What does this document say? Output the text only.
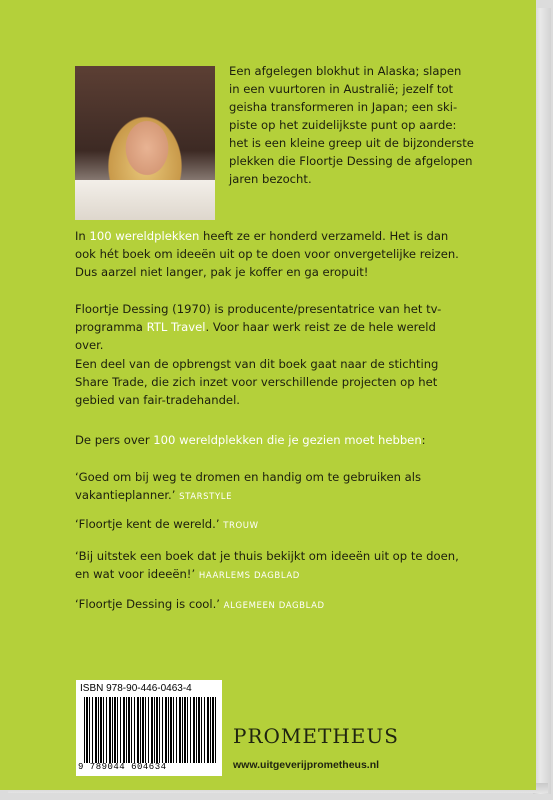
Een afgelegen blokhut in Alaska; slapen

in een vuurtoren in Australië; jezelf tot

geisha transformeren in Japan; een ski-

piste op het zuidelijkste punt op aarde:

het is een kleine greep uit de bijzonderste

plekken die Floortje Dessing de afgelopen

jaren bezocht.

In 100 wereldplekken heeft ze er honderd verzameld. Het is dan

ook hét boek om ideeën uit op te doen voor onvergetelijke reizen.

Dus aarzel niet langer, pak je koffer en ga eropuit!

Floortje Dessing (1970) is producente/presentatrice van het tv-

programma RTL Travel. Voor haar werk reist ze de hele wereld

over.

Een deel van de opbrengst van dit boek gaat naar de stichting

Share Trade, die zich inzet voor verschillende projecten op het

gebied van fair-tradehandel.

De pers over 100 wereldplekken die je gezien moet hebben:

‘Goed om bij weg te dromen en handig om te gebruiken als

vakantieplanner.’ STARSTYLE

‘Floortje kent de wereld.’ TROUW

‘Bij uitstek een boek dat je thuis bekijkt om ideeën uit op te doen,

en wat voor ideeën!’ HAARLEMS DAGBLAD

‘Floortje Dessing is cool.’ ALGEMEEN DAGBLAD

ISBN 978-90-446-0463-4
9 789044 604634
PROMETHEUS
www.uitgeverijprometheus.nl
